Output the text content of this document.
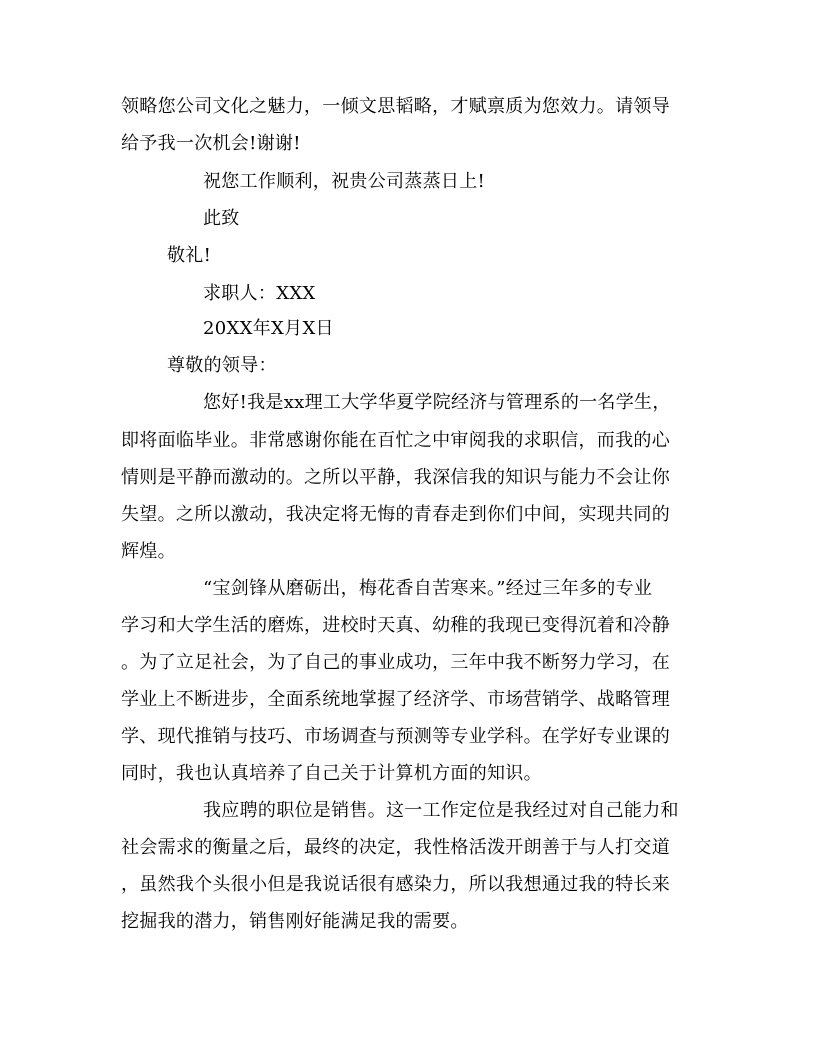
领略您公司文化之魅力，一倾文思韬略，才赋禀质为您效力。请领导
给予我一次机会!谢谢!
祝您工作顺利，祝贵公司蒸蒸日上!
此致
敬礼!
求职人：XXX
20XX年X月X日
尊敬的领导：
您好!我是xx理工大学华夏学院经济与管理系的一名学生，
即将面临毕业。非常感谢你能在百忙之中审阅我的求职信，而我的心
情则是平静而激动的。之所以平静，我深信我的知识与能力不会让你
失望。之所以激动，我决定将无悔的青春走到你们中间，实现共同的
辉煌。
“宝剑锋从磨砺出，梅花香自苦寒来。”经过三年多的专业
学习和大学生活的磨炼，进校时天真、幼稚的我现已变得沉着和冷静
。为了立足社会，为了自己的事业成功，三年中我不断努力学习，在
学业上不断进步，全面系统地掌握了经济学、市场营销学、战略管理
学、现代推销与技巧、市场调查与预测等专业学科。在学好专业课的
同时，我也认真培养了自己关于计算机方面的知识。
我应聘的职位是销售。这一工作定位是我经过对自己能力和
社会需求的衡量之后，最终的决定，我性格活泼开朗善于与人打交道
，虽然我个头很小但是我说话很有感染力，所以我想通过我的特长来
挖掘我的潜力，销售刚好能满足我的需要。
